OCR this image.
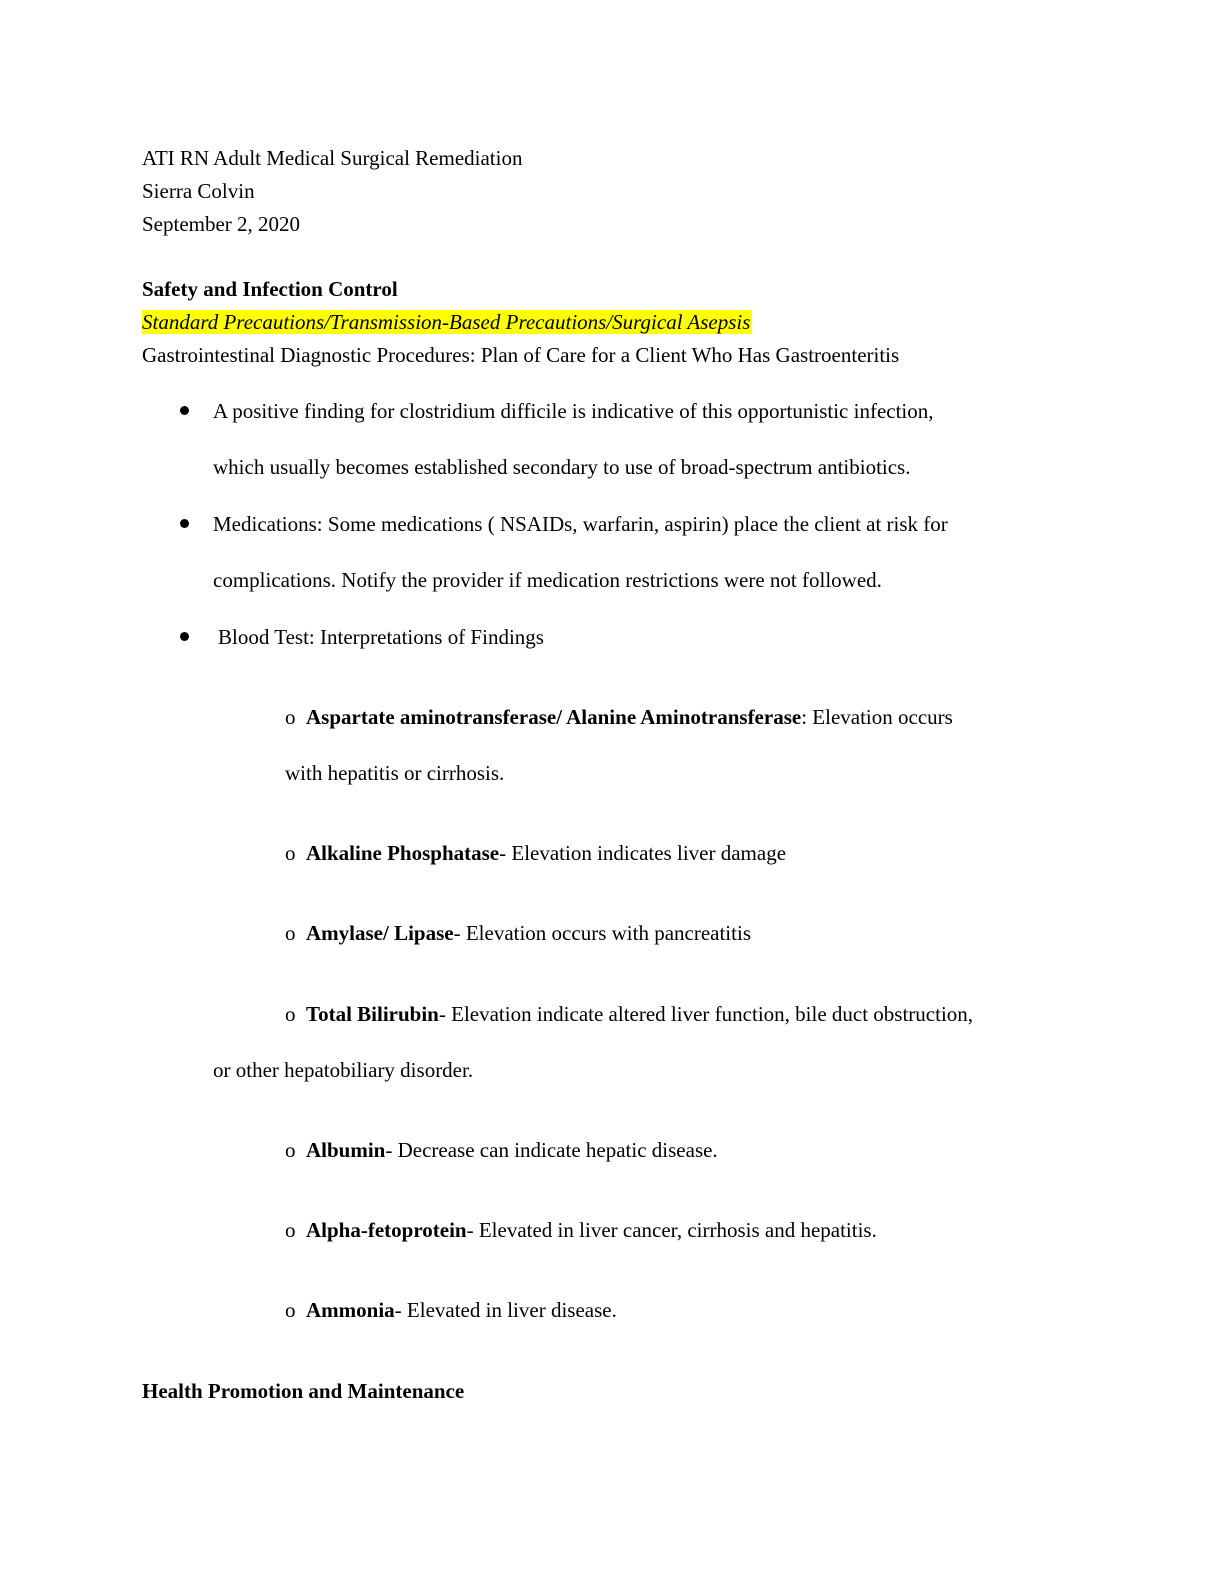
ATI RN Adult Medical Surgical Remediation
Sierra Colvin
September 2, 2020
Safety and Infection Control
Standard Precautions/Transmission-Based Precautions/Surgical Asepsis
Gastrointestinal Diagnostic Procedures: Plan of Care for a Client Who Has Gastroenteritis
A positive finding for clostridium difficile is indicative of this opportunistic infection,
which usually becomes established secondary to use of broad-spectrum antibiotics.
Medications: Some medications ( NSAIDs, warfarin, aspirin) place the client at risk for
complications. Notify the provider if medication restrictions were not followed.
Blood Test: Interpretations of Findings
o Aspartate aminotransferase/ Alanine Aminotransferase: Elevation occurs
with hepatitis or cirrhosis.
o Alkaline Phosphatase- Elevation indicates liver damage
o Amylase/ Lipase- Elevation occurs with pancreatitis
o Total Bilirubin- Elevation indicate altered liver function, bile duct obstruction,
or other hepatobiliary disorder.
o Albumin- Decrease can indicate hepatic disease.
o Alpha-fetoprotein- Elevated in liver cancer, cirrhosis and hepatitis.
o Ammonia- Elevated in liver disease.
Health Promotion and Maintenance
